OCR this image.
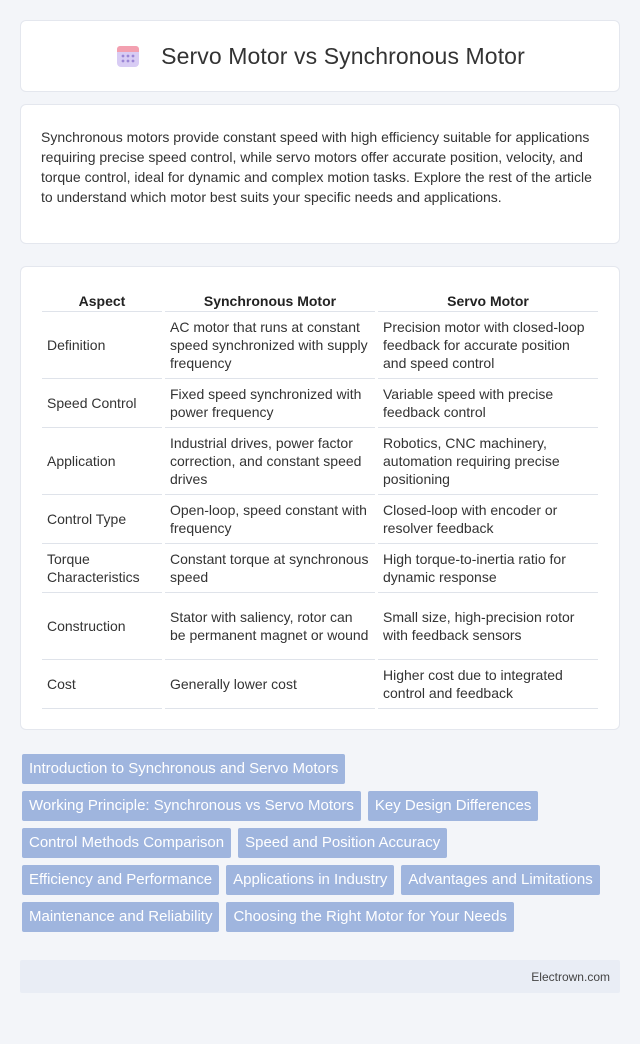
Servo Motor vs Synchronous Motor

Synchronous motors provide constant speed with high efficiency suitable for applications requiring precise speed control, while servo motors offer accurate position, velocity, and torque control, ideal for dynamic and complex motion tasks. Explore the rest of the article to understand which motor best suits your specific needs and applications.

Aspect	Synchronous Motor	Servo Motor
Definition	AC motor that runs at constant speed synchronized with supply frequency	Precision motor with closed-loop feedback for accurate position and speed control
Speed Control	Fixed speed synchronized with power frequency	Variable speed with precise feedback control
Application	Industrial drives, power factor correction, and constant speed drives	Robotics, CNC machinery, automation requiring precise positioning
Control Type	Open-loop, speed constant with frequency	Closed-loop with encoder or resolver feedback
Torque Characteristics	Constant torque at synchronous speed	High torque-to-inertia ratio for dynamic response
Construction	Stator with saliency, rotor can be permanent magnet or wound	Small size, high-precision rotor with feedback sensors
Cost	Generally lower cost	Higher cost due to integrated control and feedback
Introduction to Synchronous and Servo Motors
Working Principle: Synchronous vs Servo Motors	Key Design Differences
Control Methods Comparison	Speed and Position Accuracy
Efficiency and Performance	Applications in Industry	Advantages and Limitations
Maintenance and Reliability	Choosing the Right Motor for Your Needs
Electrown.com
